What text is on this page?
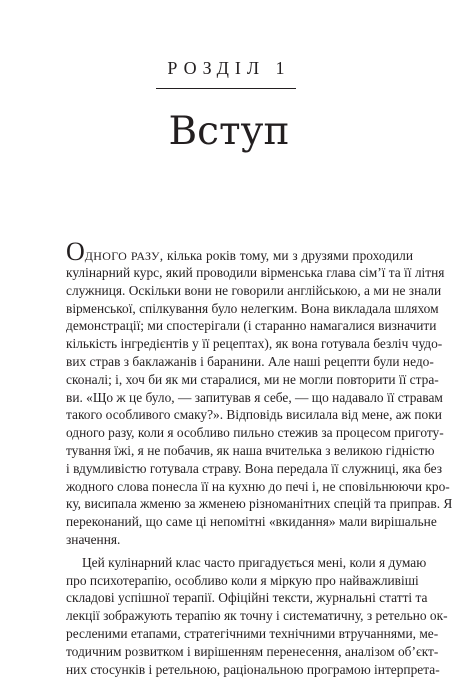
РОЗДІЛ 1
Вступ
ОДНОГО РАЗУ, кілька років тому, ми з друзями проходили
кулінарний курс, який проводили вірменська глава сім’ї та її літня
служниця. Оскільки вони не говорили англійською, а ми не знали
вірменської, спілкування було нелегким. Вона викладала шляхом
демонстрації; ми спостерігали (і старанно намагалися визначити
кількість інгредієнтів у її рецептах), як вона готувала безліч чудо-
вих страв з баклажанів і баранини. Але наші рецепти були недо-
сконалі; і, хоч би як ми старалися, ми не могли повторити її стра-
ви. «Що ж це було, — запитував я себе, — що надавало її стравам
такого особливого смаку?». Відповідь висилала від мене, аж поки
одного разу, коли я особливо пильно стежив за процесом приготу-
тування їжі, я не побачив, як наша вчителька з великою гідністю
і вдумливістю готувала страву. Вона передала її служниці, яка без
жодного слова понесла її на кухню до печі і, не сповільнюючи кро-
ку, висипала жменю за жменею різноманітних спецій та приправ. Я
переконаний, що саме ці непомітні «вкидання» мали вирішальне
значення.
Цей кулінарний клас часто пригадується мені, коли я думаю
про психотерапію, особливо коли я міркую про найважливіші
складові успішної терапії. Офіційні тексти, журнальні статті та
лекції зображують терапію як точну і систематичну, з ретельно ок-
ресленими етапами, стратегічними технічними втручаннями, ме-
тодичним розвитком і вирішенням перенесення, аналізом об’єкт-
них стосунків і ретельною, раціональною програмою інтерпрета-
